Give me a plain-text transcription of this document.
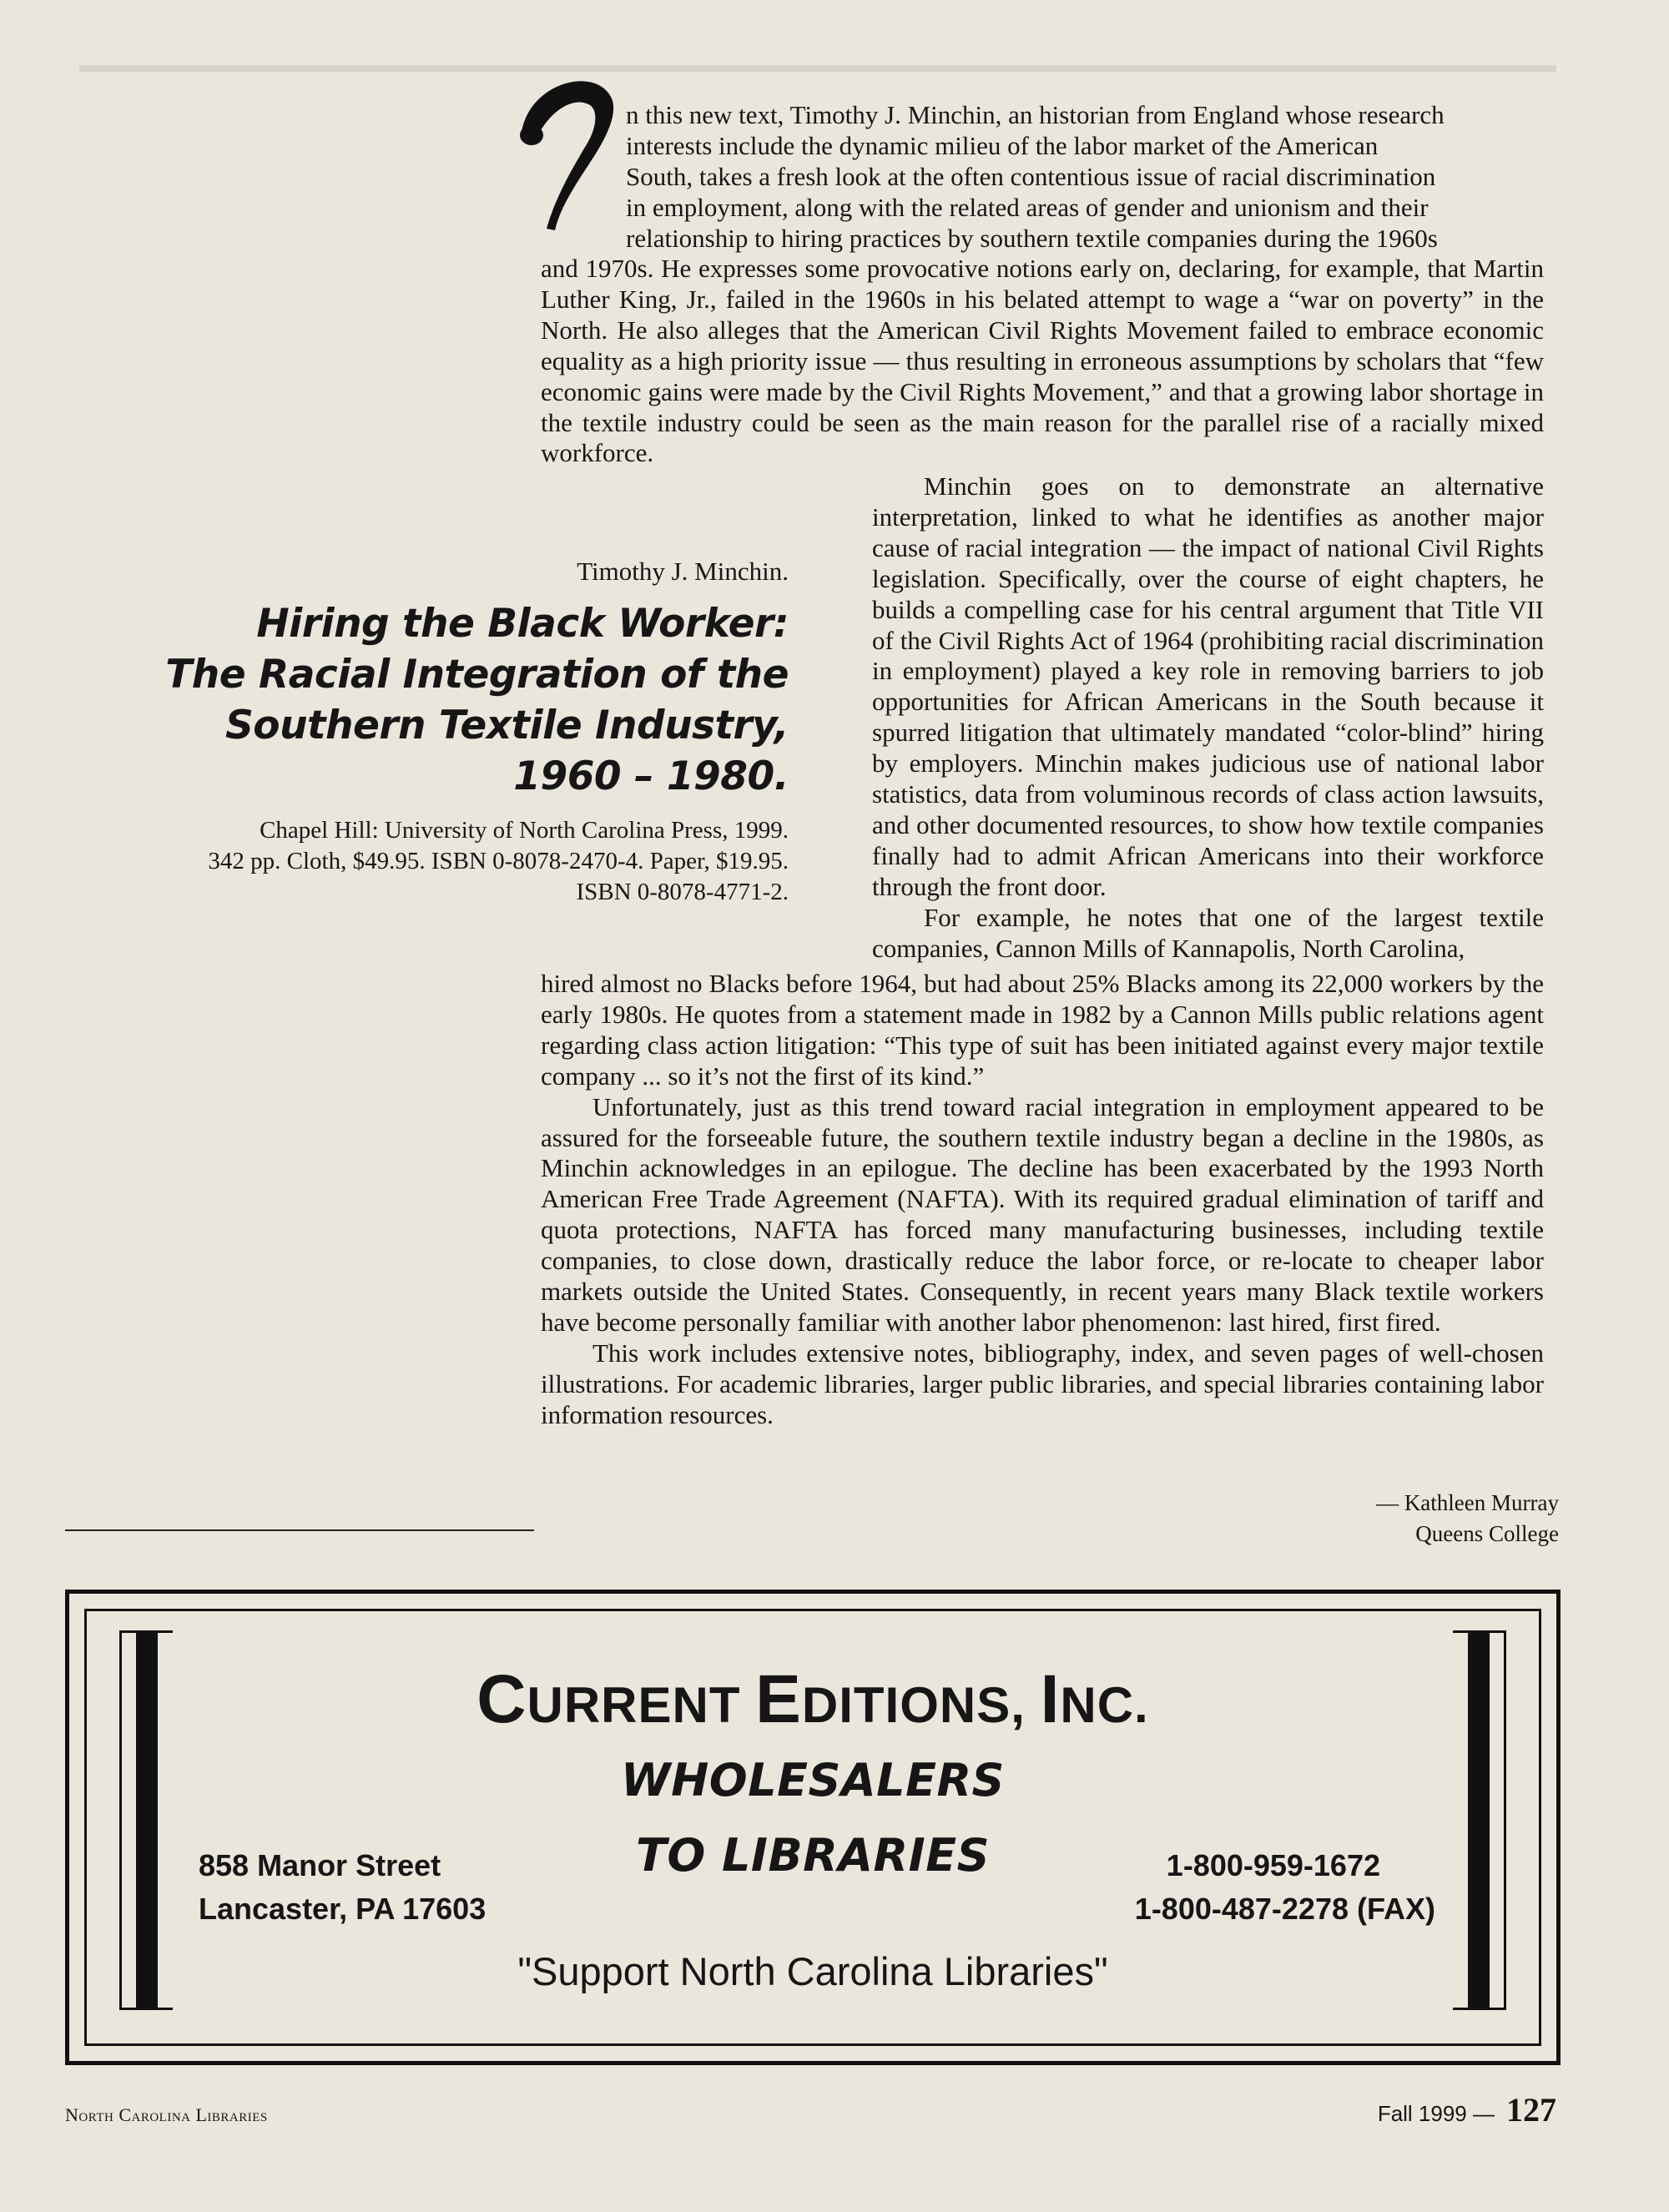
n this new text, Timothy J. Minchin, an historian from England whose research
interests include the dynamic milieu of the labor market of the American
South, takes a fresh look at the often contentious issue of racial discrimination
in employment, along with the related areas of gender and unionism and their
relationship to hiring practices by southern textile companies during the 1960s

and 1970s. He expresses some provocative notions early on, declaring, for example, that Martin Luther King, Jr., failed in the 1960s in his belated attempt to wage a “war on poverty” in the North. He also alleges that the American Civil Rights Movement failed to embrace economic equality as a high priority issue — thus resulting in erroneous assumptions by scholars that “few economic gains were made by the Civil Rights Movement,” and that a growing labor shortage in the textile industry could be seen as the main reason for the parallel rise of a racially mixed workforce.

Timothy J. Minchin.
Hiring the Black Worker:
The Racial Integration of the
Southern Textile Industry,
1960 – 1980.
Chapel Hill: University of North Carolina Press, 1999.
342 pp. Cloth, $49.95. ISBN 0-8078-2470-4. Paper, $19.95.
ISBN 0-8078-4771-2.

Minchin goes on to demonstrate an alternative interpretation, linked to what he identifies as another major cause of racial integration — the impact of national Civil Rights legislation. Specifically, over the course of eight chapters, he builds a compelling case for his central argument that Title VII of the Civil Rights Act of 1964 (prohibiting racial discrimination in employment) played a key role in removing barriers to job opportunities for African Americans in the South because it spurred litigation that ultimately mandated “color-blind” hiring by employers. Minchin makes judicious use of national labor statistics, data from voluminous records of class action lawsuits, and other documented resources, to show how textile companies finally had to admit African Americans into their workforce through the front door.

For example, he notes that one of the largest textile companies, Cannon Mills of Kannapolis, North Carolina,

hired almost no Blacks before 1964, but had about 25% Blacks among its 22,000 workers by the early 1980s. He quotes from a statement made in 1982 by a Cannon Mills public relations agent regarding class action litigation: “This type of suit has been initiated against every major textile company ... so it’s not the first of its kind.”

Unfortunately, just as this trend toward racial integration in employment appeared to be assured for the forseeable future, the southern textile industry began a decline in the 1980s, as Minchin acknowledges in an epilogue. The decline has been exacerbated by the 1993 North American Free Trade Agreement (NAFTA). With its required gradual elimination of tariff and quota protections, NAFTA has forced many manufacturing businesses, including textile companies, to close down, drastically reduce the labor force, or re-locate to cheaper labor markets outside the United States. Consequently, in recent years many Black textile workers have become personally familiar with another labor phenomenon: last hired, first fired.

This work includes extensive notes, bibliography, index, and seven pages of well-chosen illustrations. For academic libraries, larger public libraries, and special libraries containing labor information resources.

— Kathleen Murray
Queens College
CURRENT EDITIONS, INC.
WHOLESALERS
TO LIBRARIES
858 Manor Street
Lancaster, PA 17603
1-800-959-1672
1-800-487-2278 (FAX)
"Support North Carolina Libraries"
North Carolina Libraries	Fall 1999 — 127
